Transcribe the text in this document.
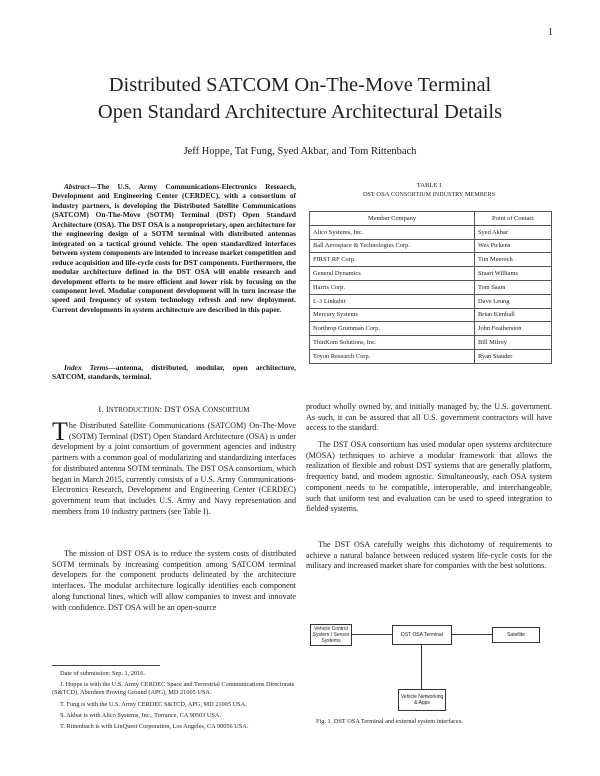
1
Distributed SATCOM On-The-Move Terminal
Open Standard Architecture Architectural Details
Jeff Hoppe, Tat Fung, Syed Akbar, and Tom Rittenbach
Abstract—The U.S. Army Communications-Electronics Research, Development and Engineering Center (CERDEC), with a consortium of industry partners, is developing the Distributed Satellite Communications (SATCOM) On-The-Move (SOTM) Terminal (DST) Open Standard Architecture (OSA). The DST OSA is a nonproprietary, open architecture for the engineering design of a SOTM terminal with distributed antennas integrated on a tactical ground vehicle. The open standardized interfaces between system components are intended to increase market competition and reduce acquisition and life-cycle costs for DST components. Furthermore, the modular architecture defined in the DST OSA will enable research and development efforts to be more efficient and lower risk by focusing on the component level. Modular component development will in turn increase the speed and frequency of system technology refresh and new deployment. Current developments in system architecture are described in this paper.
Index Terms—antenna, distributed, modular, open architecture, SATCOM, standards, terminal.
I. INTRODUCTION: DST OSA CONSORTIUM
The Distributed Satellite Communications (SATCOM) On-The-Move (SOTM) Terminal (DST) Open Standard Architecture (OSA) is under development by a joint consortium of government agencies and industry partners with a common goal of modularizing and standardizing interfaces for distributed antenna SOTM terminals. The DST OSA consortium, which began in March 2015, currently consists of a U.S. Army Communications-Electronics Research, Development and Engineering Center (CERDEC) government team that includes U.S. Army and Navy representation and members from 10 industry partners (see Table I).
The mission of DST OSA is to reduce the system costs of distributed SOTM terminals by increasing competition among SATCOM terminal developers for the component products delineated by the architecture interfaces. The modular architecture logically identifies each component along functional lines, which will allow companies to invest and innovate with confidence. DST OSA will be an open-source
Date of submission: Sep. 1, 2016.
J. Hoppe is with the U.S. Army CERDEC Space and Terrestrial Communications Directorate (S&TCD), Aberdeen Proving Ground (APG), MD 21005 USA.
T. Fung is with the U.S. Army CERDEC S&TCD, APG, MD 21005 USA.
S. Akbar is with Alico Systems, Inc., Torrance, CA 90503 USA.
T. Rittenbach is with LinQuest Corporation, Los Angeles, CA 90056 USA.
TABLE I
DST OSA CONSORTIUM INDUSTRY MEMBERS
Member Company	Point of Contact
Alico Systems, Inc.	Syed Akbar
Ball Aerospace & Technologies Corp.	Wes Pickens
FIRST RF Corp.	Tim Meeroch
General Dynamics	Stuart Williams
Harris Corp.	Tom Saam
L-3 Linkabit	Dave Leung
Mercury Systems	Brian Kimball
Northrop Grumman Corp.	John Featherston
ThinKom Solutions, Inc.	Bill Milroy
Toyon Research Corp.	Ryan Stauder
product wholly owned by, and initially managed by, the U.S. government. As such, it can be assured that all U.S. government contractors will have access to the standard.
The DST OSA consortium has used modular open systems architecture (MOSA) techniques to achieve a modular framework that allows the realization of flexible and robust DST systems that are generally platform, frequency band, and modem agnostic. Simultaneously, each OSA system component needs to be compatible, interoperable, and interchangeable, such that uniform test and evaluation can be used to speed integration to fielded systems.
The DST OSA carefully weighs this dichotomy of requirements to achieve a natural balance between reduced system life-cycle costs for the military and increased market share for companies with the best solutions.
Vehicle Control System / Sensor Systems
DST OSA Terminal	Satellite
Vehicle Networking & Apps
Fig. 1. DST OSA Terminal and external system interfaces.
